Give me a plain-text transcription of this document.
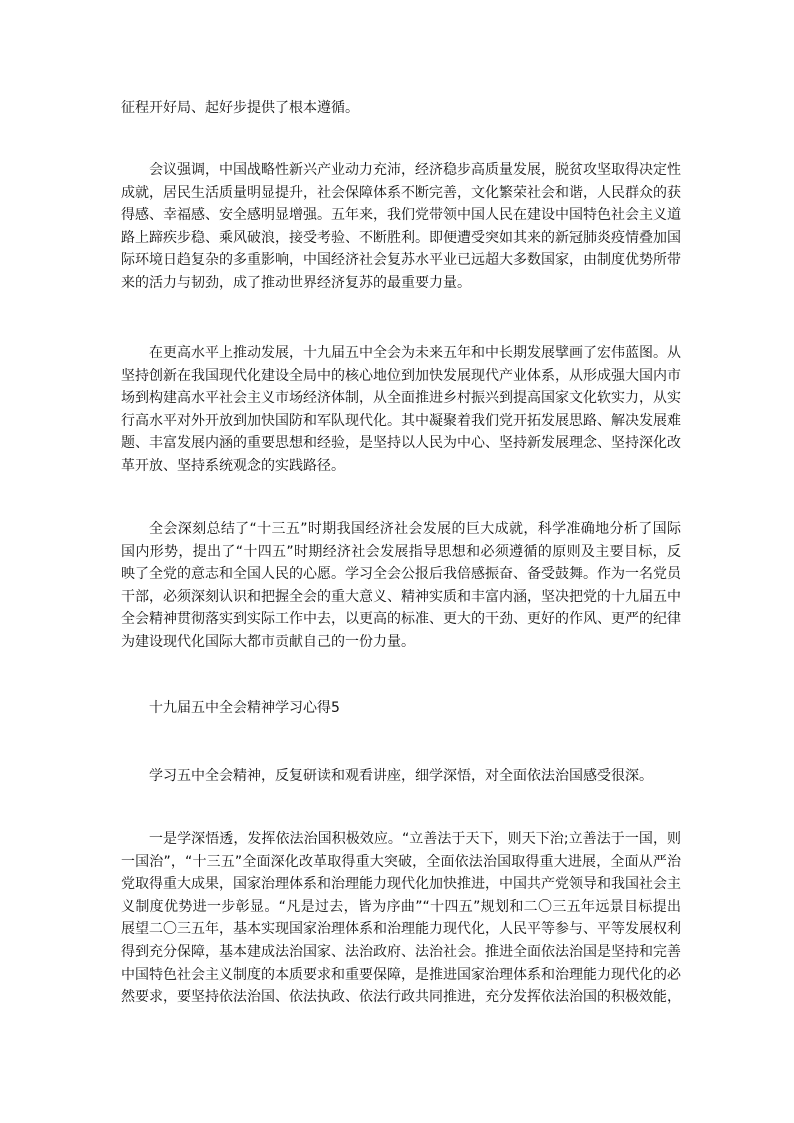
征程开好局、起好步提供了根本遵循。

会议强调，中国战略性新兴产业动力充沛，经济稳步高质量发展，脱贫攻坚取得决定性成就，居民生活质量明显提升，社会保障体系不断完善，文化繁荣社会和谐，人民群众的获得感、幸福感、安全感明显增强。五年来，我们党带领中国人民在建设中国特色社会主义道路上蹄疾步稳、乘风破浪，接受考验、不断胜利。即便遭受突如其来的新冠肺炎疫情叠加国际环境日趋复杂的多重影响，中国经济社会复苏水平业已远超大多数国家，由制度优势所带来的活力与韧劲，成了推动世界经济复苏的最重要力量。

在更高水平上推动发展，十九届五中全会为未来五年和中长期发展擘画了宏伟蓝图。从坚持创新在我国现代化建设全局中的核心地位到加快发展现代产业体系，从形成强大国内市场到构建高水平社会主义市场经济体制，从全面推进乡村振兴到提高国家文化软实力，从实行高水平对外开放到加快国防和军队现代化。其中凝聚着我们党开拓发展思路、解决发展难题、丰富发展内涵的重要思想和经验，是坚持以人民为中心、坚持新发展理念、坚持深化改革开放、坚持系统观念的实践路径。

全会深刻总结了“十三五”时期我国经济社会发展的巨大成就，科学准确地分析了国际国内形势，提出了“十四五”时期经济社会发展指导思想和必须遵循的原则及主要目标，反映了全党的意志和全国人民的心愿。学习全会公报后我倍感振奋、备受鼓舞。作为一名党员干部，必须深刻认识和把握全会的重大意义、精神实质和丰富内涵，坚决把党的十九届五中全会精神贯彻落实到实际工作中去，以更高的标准、更大的干劲、更好的作风、更严的纪律为建设现代化国际大都市贡献自己的一份力量。

十九届五中全会精神学习心得5

学习五中全会精神，反复研读和观看讲座，细学深悟，对全面依法治国感受很深。

一是学深悟透，发挥依法治国积极效应。“立善法于天下，则天下治;立善法于一国，则一国治”，“十三五”全面深化改革取得重大突破，全面依法治国取得重大进展，全面从严治党取得重大成果，国家治理体系和治理能力现代化加快推进，中国共产党领导和我国社会主义制度优势进一步彰显。“凡是过去，皆为序曲”“十四五”规划和二〇三五年远景目标提出展望二〇三五年，基本实现国家治理体系和治理能力现代化，人民平等参与、平等发展权利得到充分保障，基本建成法治国家、法治政府、法治社会。推进全面依法治国是坚持和完善中国特色社会主义制度的本质要求和重要保障，是推进国家治理体系和治理能力现代化的必然要求，要坚持依法治国、依法执政、依法行政共同推进，充分发挥依法治国的积极效能，
